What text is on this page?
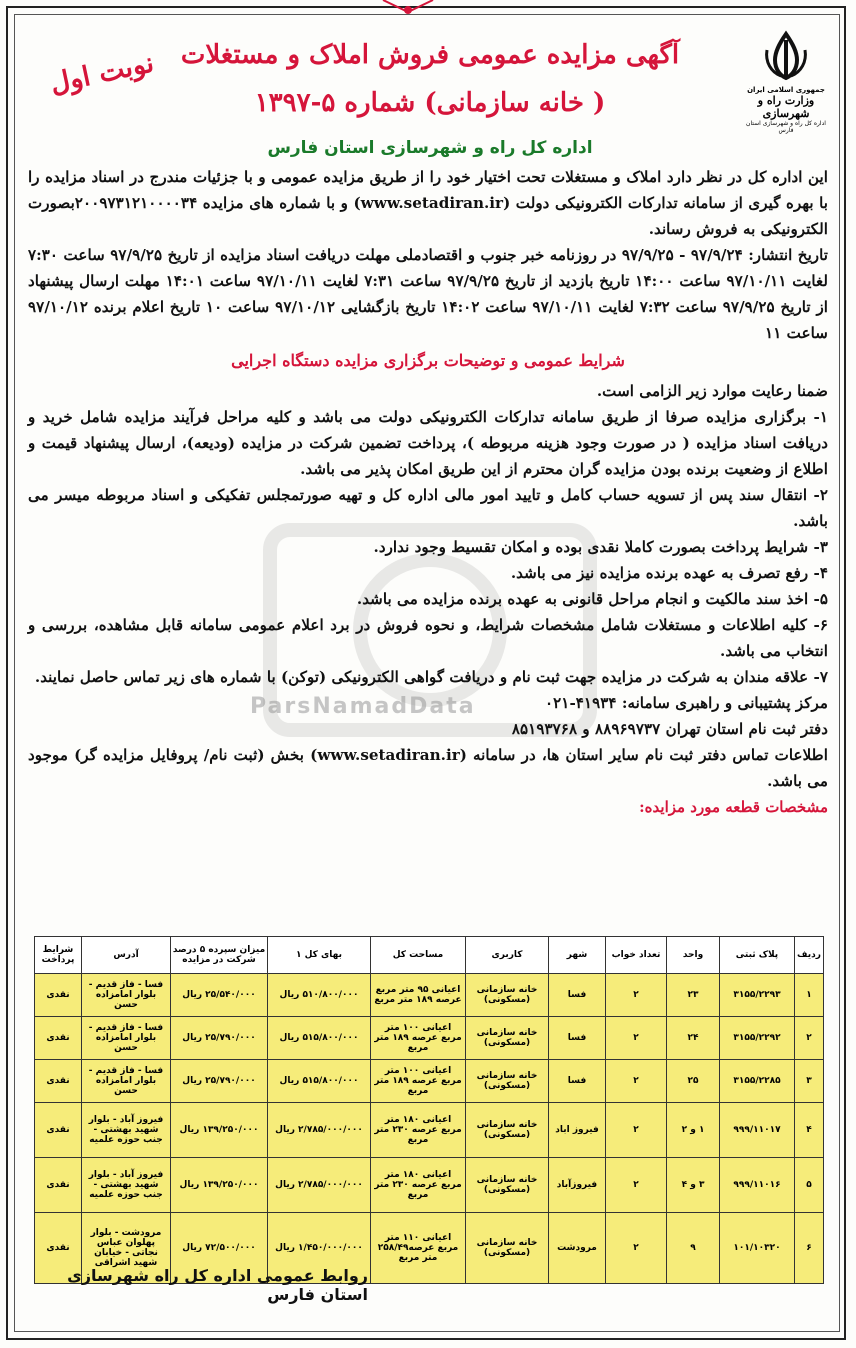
جمهوری اسلامی ایران
وزارت راه و شهرسازی
اداره کل راه و شهرسازی استان فارس
نوبت اول آگهی مزایده عمومی فروش املاک و مستغلات
( خانه سازمانی) شماره ۵-۱۳۹۷
اداره کل راه و شهرسازی استان فارس
ParsNamadData

این اداره کل در نظر دارد املاک و مستغلات تحت اختیار خود را از طریق مزایده عمومی و با جزئیات مندرج در اسناد مزایده را با بهره گیری از سامانه تدارکات الکترونیکی دولت (www.setadiran.ir) و با شماره های مزایده ۲۰۰۹۷۳۱۲۱۰۰۰۰۳۴بصورت الکترونیکی به فروش رساند.

تاریخ انتشار: ۹۷/۹/۲۴ - ۹۷/۹/۲۵ در روزنامه خبر جنوب و اقتصادملی مهلت دریافت اسناد مزایده از تاریخ ۹۷/۹/۲۵ ساعت ۷:۳۰ لغایت ۹۷/۱۰/۱۱ ساعت ۱۴:۰۰ تاریخ بازدید از تاریخ ۹۷/۹/۲۵ ساعت ۷:۳۱ لغایت ۹۷/۱۰/۱۱ ساعت ۱۴:۰۱ مهلت ارسال پیشنهاد از تاریخ ۹۷/۹/۲۵ ساعت ۷:۳۲ لغایت ۹۷/۱۰/۱۱ ساعت ۱۴:۰۲ تاریخ بازگشایی ۹۷/۱۰/۱۲ ساعت ۱۰ تاریخ اعلام برنده ۹۷/۱۰/۱۲ ساعت ۱۱

شرایط عمومی و توضیحات برگزاری مزایده دستگاه اجرایی

ضمنا رعایت موارد زیر الزامی است.

۱- برگزاری مزایده صرفا از طریق سامانه تدارکات الکترونیکی دولت می باشد و کلیه مراحل فرآیند مزایده شامل خرید و دریافت اسناد مزایده ( در صورت وجود هزینه مربوطه )، پرداخت تضمین شرکت در مزایده (ودیعه)، ارسال پیشنهاد قیمت و اطلاع از وضعیت برنده بودن مزایده گران محترم از این طریق امکان پذیر می باشد.

۲- انتقال سند پس از تسویه حساب کامل و تایید امور مالی اداره کل و تهیه صورتمجلس تفکیکی و اسناد مربوطه میسر می باشد.

۳- شرایط پرداخت بصورت کاملا نقدی بوده و امکان تقسیط وجود ندارد.

۴- رفع تصرف به عهده برنده مزایده نیز می باشد.

۵- اخذ سند مالکیت و انجام مراحل قانونی به عهده برنده مزایده می باشد.

۶- کلیه اطلاعات و مستغلات شامل مشخصات شرایط، و نحوه فروش در برد اعلام عمومی سامانه قابل مشاهده، بررسی و انتخاب می باشد.

۷- علاقه مندان به شرکت در مزایده جهت ثبت نام و دریافت گواهی الکترونیکی (توکن) با شماره های زیر تماس حاصل نمایند.

مرکز پشتیبانی و راهبری سامانه: ۴۱۹۳۴-۰۲۱

دفتر ثبت نام استان تهران ۸۸۹۶۹۷۳۷ و ۸۵۱۹۳۷۶۸

اطلاعات تماس دفتر ثبت نام سایر استان ها، در سامانه (www.setadiran.ir) بخش (ثبت نام/ پروفایل مزایده گر) موجود می باشد.

مشخصات قطعه مورد مزایده:

ردیف	پلاک ثبتی	واحد	تعداد خواب	شهر	کاربری	مساحت کل	بهای کل ۱	میزان سپرده ۵ درصد شرکت در مزایده	آدرس	شرایط پرداخت
۱	۳۱۵۵/۲۲۹۳	۲۳	۲	فسا	خانه سازمانی (مسکونی)	اعیانی ۹۵ متر مربع عرصه ۱۸۹ متر مربع	۵۱۰/۸۰۰/۰۰۰ ریال	۲۵/۵۴۰/۰۰۰ ریال	فسا - فاز قدیم - بلوار امامزاده حسن	نقدی
۲	۳۱۵۵/۲۲۹۲	۲۴	۲	فسا	خانه سازمانی (مسکونی)	اعیانی ۱۰۰ متر مربع عرصه ۱۸۹ متر مربع	۵۱۵/۸۰۰/۰۰۰ ریال	۲۵/۷۹۰/۰۰۰ ریال	فسا - فاز قدیم - بلوار امامزاده حسن	نقدی
۳	۳۱۵۵/۲۲۸۵	۲۵	۲	فسا	خانه سازمانی (مسکونی)	اعیانی ۱۰۰ متر مربع عرصه ۱۸۹ متر مربع	۵۱۵/۸۰۰/۰۰۰ ریال	۲۵/۷۹۰/۰۰۰ ریال	فسا - فاز قدیم - بلوار امامزاده حسن	نقدی
۴	۹۹۹/۱۱۰۱۷	۱ و ۲	۲	فیروز اباد	خانه سازمانی (مسکونی)	اعیانی ۱۸۰ متر مربع عرصه ۲۳۰ متر مربع	۲/۷۸۵/۰۰۰/۰۰۰ ریال	۱۳۹/۲۵۰/۰۰۰ ریال	فیروز آباد - بلوار شهید بهشتی - جنب حوزه علمیه	نقدی
۵	۹۹۹/۱۱۰۱۶	۳ و ۴	۲	فیروزآباد	خانه سازمانی (مسکونی)	اعیانی ۱۸۰ متر مربع عرصه ۲۳۰ متر مربع	۲/۷۸۵/۰۰۰/۰۰۰ ریال	۱۳۹/۲۵۰/۰۰۰ ریال	فیروز آباد - بلوار شهید بهشتی - جنب حوزه علمیه	نقدی
۶	۱۰۱/۱۰۳۲۰	۹	۲	مرودشت	خانه سازمانی (مسکونی)	اعیانی ۱۱۰ متر مربع عرصه۲۵۸/۴۹ متر مربع	۱/۴۵۰/۰۰۰/۰۰۰ ریال	۷۲/۵۰۰/۰۰۰ ریال	مرودشت - بلوار پهلوان عباس نجاتی - خیابان شهید اشراقی	نقدی
روابط عمومی اداره کل راه شهرسازی استان فارس
